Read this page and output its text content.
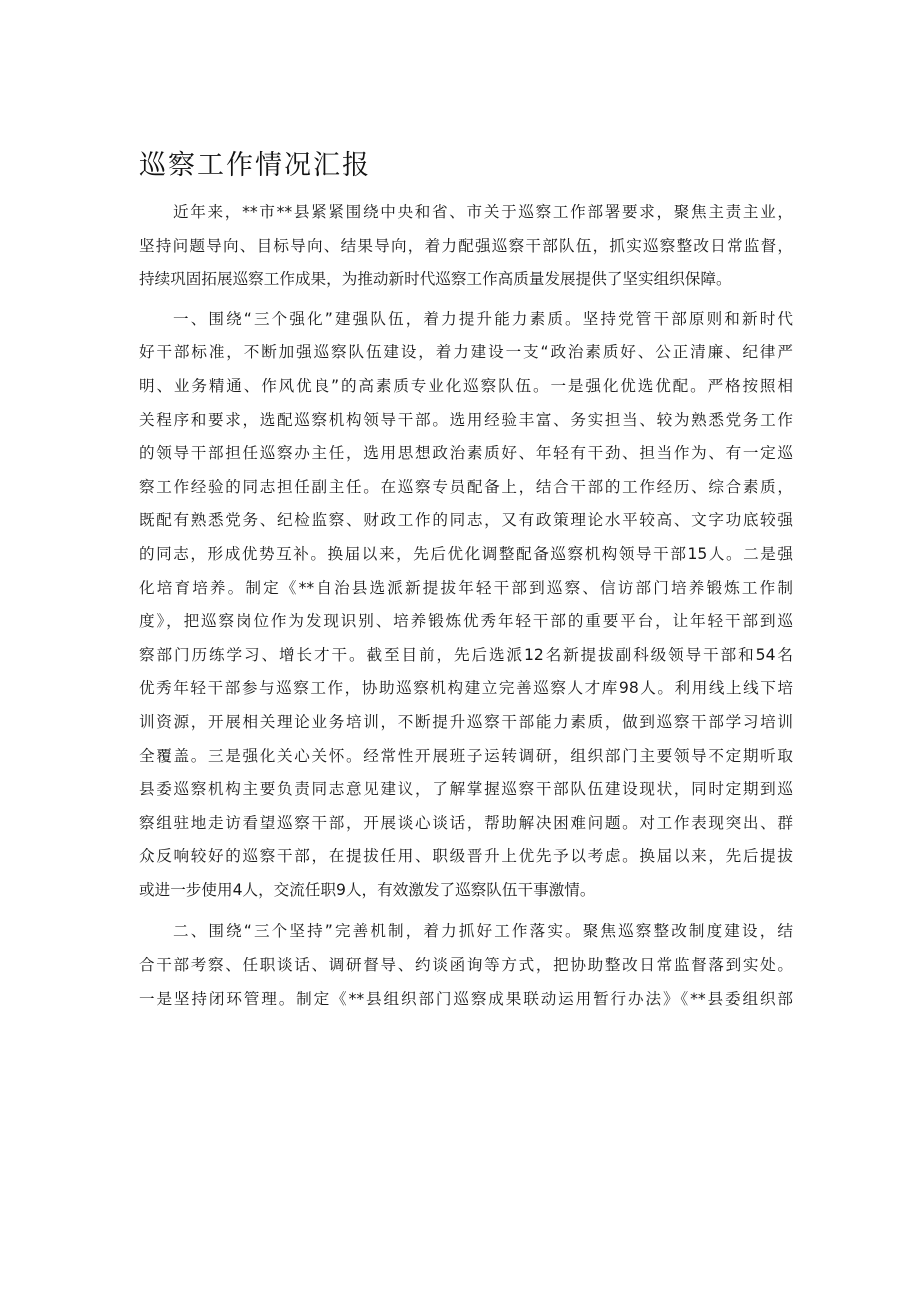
巡察工作情况汇报
近年来，**市**县紧紧围绕中央和省、市关于巡察工作部署要求，聚焦主责主业，
坚持问题导向、目标导向、结果导向，着力配强巡察干部队伍，抓实巡察整改日常监督，
持续巩固拓展巡察工作成果，为推动新时代巡察工作高质量发展提供了坚实组织保障。
一、围绕“三个强化”建强队伍，着力提升能力素质。坚持党管干部原则和新时代
好干部标准，不断加强巡察队伍建设，着力建设一支“政治素质好、公正清廉、纪律严
明、业务精通、作风优良”的高素质专业化巡察队伍。一是强化优选优配。严格按照相
关程序和要求，选配巡察机构领导干部。选用经验丰富、务实担当、较为熟悉党务工作
的领导干部担任巡察办主任，选用思想政治素质好、年轻有干劲、担当作为、有一定巡
察工作经验的同志担任副主任。在巡察专员配备上，结合干部的工作经历、综合素质，
既配有熟悉党务、纪检监察、财政工作的同志，又有政策理论水平较高、文字功底较强
的同志，形成优势互补。换届以来，先后优化调整配备巡察机构领导干部15人。二是强
化培育培养。制定《**自治县选派新提拔年轻干部到巡察、信访部门培养锻炼工作制
度》，把巡察岗位作为发现识别、培养锻炼优秀年轻干部的重要平台，让年轻干部到巡
察部门历练学习、增长才干。截至目前，先后选派12名新提拔副科级领导干部和54名
优秀年轻干部参与巡察工作，协助巡察机构建立完善巡察人才库98人。利用线上线下培
训资源，开展相关理论业务培训，不断提升巡察干部能力素质，做到巡察干部学习培训
全覆盖。三是强化关心关怀。经常性开展班子运转调研，组织部门主要领导不定期听取
县委巡察机构主要负责同志意见建议，了解掌握巡察干部队伍建设现状，同时定期到巡
察组驻地走访看望巡察干部，开展谈心谈话，帮助解决困难问题。对工作表现突出、群
众反响较好的巡察干部，在提拔任用、职级晋升上优先予以考虑。换届以来，先后提拔
或进一步使用4人，交流任职9人，有效激发了巡察队伍干事激情。
二、围绕“三个坚持”完善机制，着力抓好工作落实。聚焦巡察整改制度建设，结
合干部考察、任职谈话、调研督导、约谈函询等方式，把协助整改日常监督落到实处。
一是坚持闭环管理。制定《**县组织部门巡察成果联动运用暂行办法》《**县委组织部
